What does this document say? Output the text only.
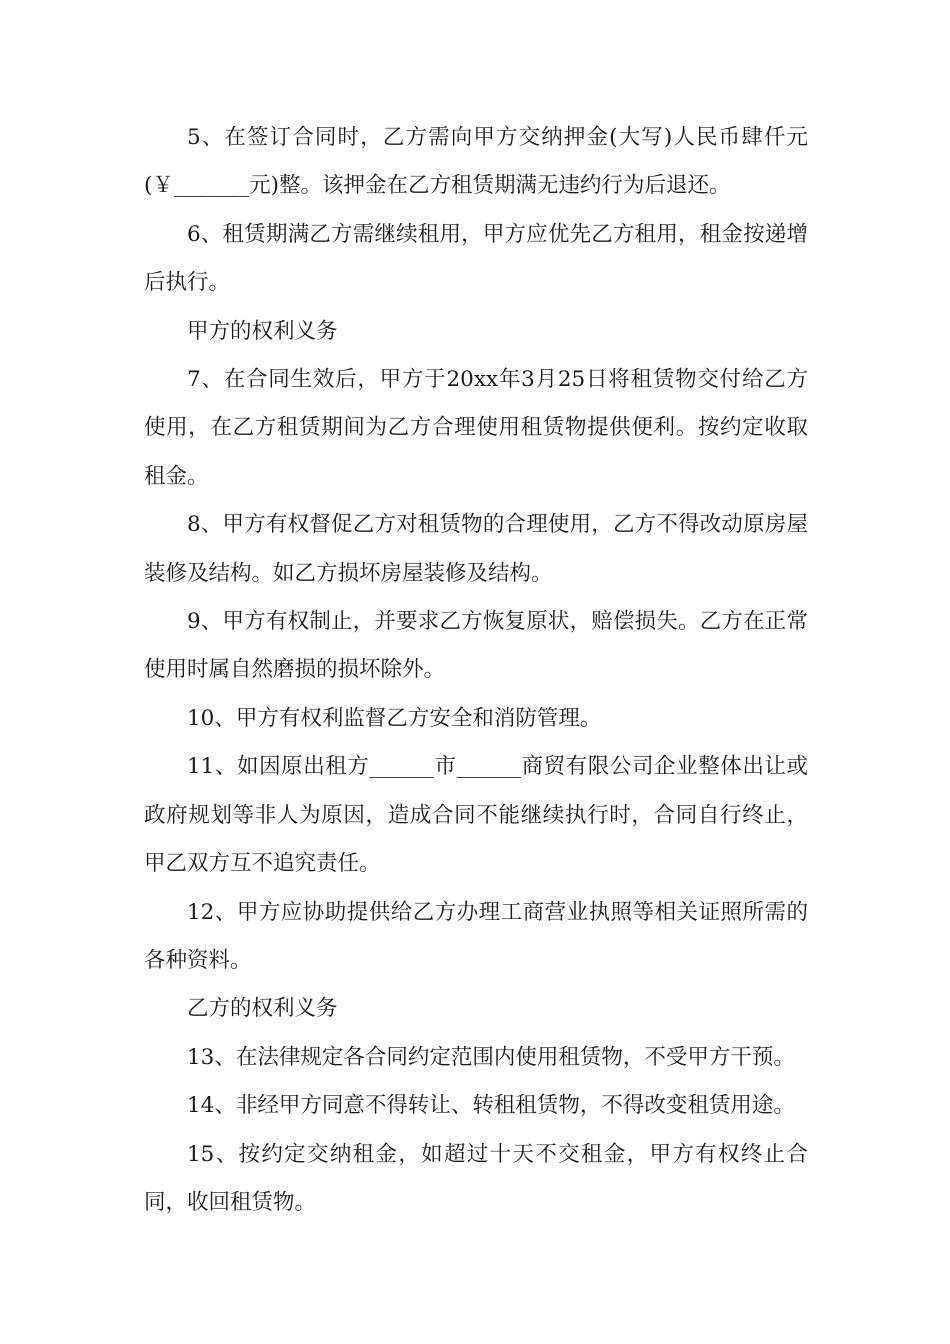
5、在签订合同时，乙方需向甲方交纳押金(大写)人民币肆仟元(￥_______元)整。该押金在乙方租赁期满无违约行为后退还。

6、租赁期满乙方需继续租用，甲方应优先乙方租用，租金按递增后执行。

甲方的权利义务

7、在合同生效后，甲方于20xx年3月25日将租赁物交付给乙方使用，在乙方租赁期间为乙方合理使用租赁物提供便利。按约定收取租金。

8、甲方有权督促乙方对租赁物的合理使用，乙方不得改动原房屋装修及结构。如乙方损坏房屋装修及结构。

9、甲方有权制止，并要求乙方恢复原状，赔偿损失。乙方在正常使用时属自然磨损的损坏除外。

10、甲方有权利监督乙方安全和消防管理。

11、如因原出租方______市______商贸有限公司企业整体出让或政府规划等非人为原因，造成合同不能继续执行时，合同自行终止，甲乙双方互不追究责任。

12、甲方应协助提供给乙方办理工商营业执照等相关证照所需的各种资料。

乙方的权利义务

13、在法律规定各合同约定范围内使用租赁物，不受甲方干预。

14、非经甲方同意不得转让、转租租赁物，不得改变租赁用途。

15、按约定交纳租金，如超过十天不交租金，甲方有权终止合同，收回租赁物。
